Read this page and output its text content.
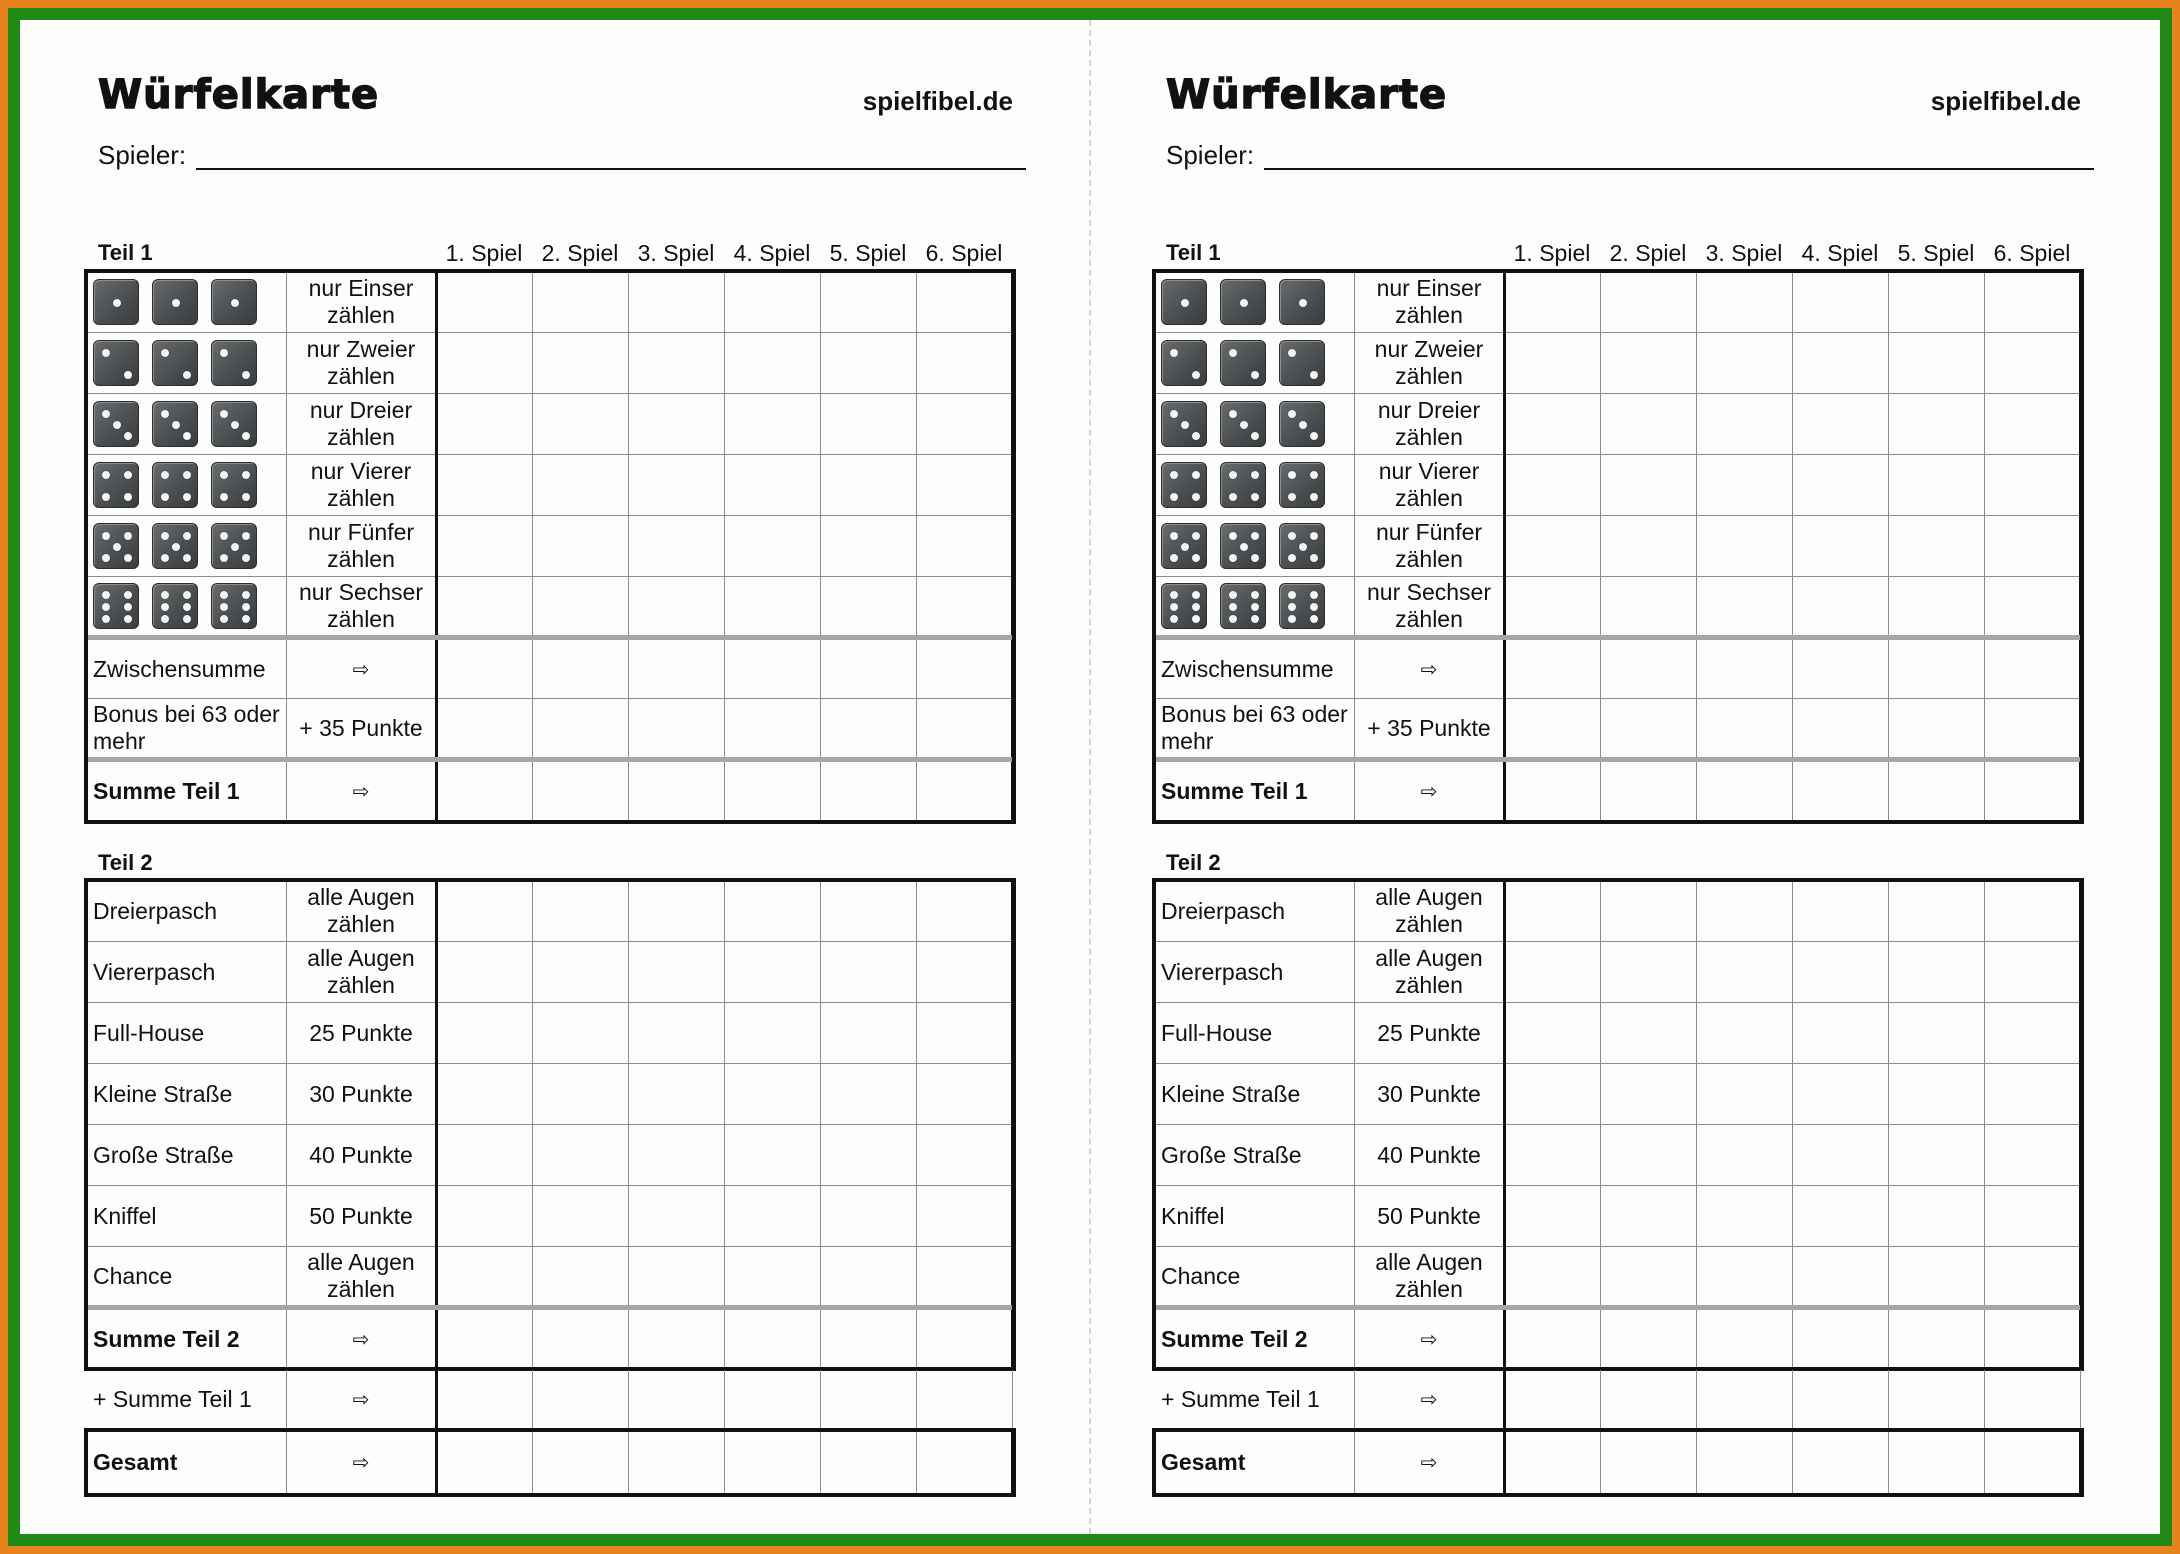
Würfelkarte	spielfibel.de
Spieler:
Teil 1	1. Spiel 2. Spiel 3. Spiel 4. Spiel 5. Spiel 6. Spiel
	nur Einser zählen						

	nur Zweier zählen						

	nur Dreier zählen						

	nur Vierer zählen						

	nur Fünfer zählen						

	nur Sechser zählen						
Zwischensumme	⇨						
Bonus bei 63 oder mehr	+ 35 Punkte						
Summe Teil 1	⇨						
Teil 2
Dreierpasch	alle Augen zählen						
Viererpasch	alle Augen zählen						
Full-House	25 Punkte						
Kleine Straße	30 Punkte						
Große Straße	40 Punkte						
Kniffel	50 Punkte						
Chance	alle Augen zählen						
Summe Teil 2	⇨						
+ Summe Teil 1	⇨						
Gesamt	⇨						
Würfelkarte	spielfibel.de
Spieler:
Teil 1	1. Spiel 2. Spiel 3. Spiel 4. Spiel 5. Spiel 6. Spiel
	nur Einser zählen						

	nur Zweier zählen						

	nur Dreier zählen						

	nur Vierer zählen						

	nur Fünfer zählen						

	nur Sechser zählen						
Zwischensumme	⇨						
Bonus bei 63 oder mehr	+ 35 Punkte						
Summe Teil 1	⇨						
Teil 2
Dreierpasch	alle Augen zählen						
Viererpasch	alle Augen zählen						
Full-House	25 Punkte						
Kleine Straße	30 Punkte						
Große Straße	40 Punkte						
Kniffel	50 Punkte						
Chance	alle Augen zählen						
Summe Teil 2	⇨						
+ Summe Teil 1	⇨						
Gesamt	⇨						
